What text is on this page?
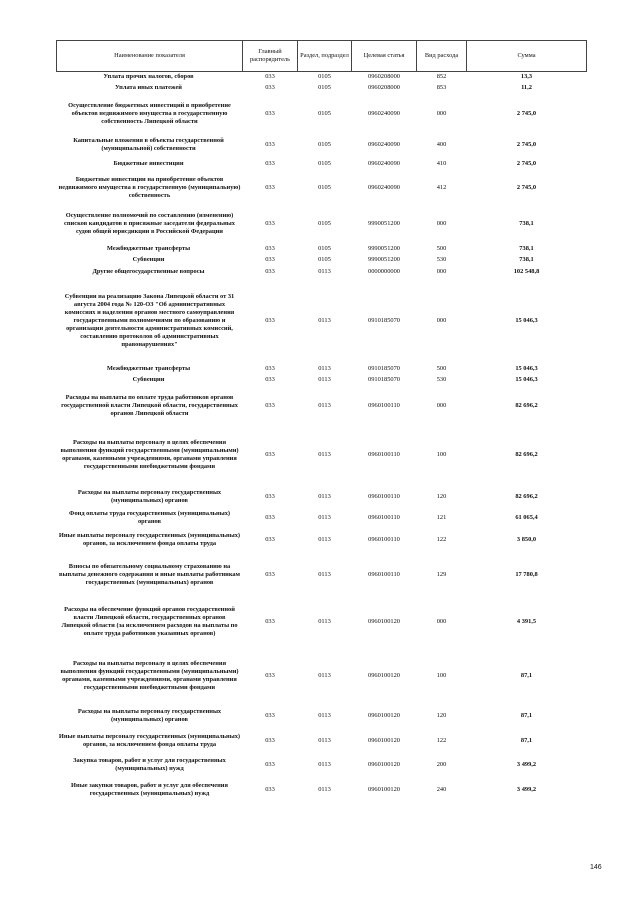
Наименование показателя	Главный распорядитель	Раздел, подраздел	Целевая статья	Вид расхода	Сумма
Уплата прочих налогов, сборов	033	0105	0960208000	852	13,3
Уплата иных платежей	033	0105	0960208000	853	11,2
Осуществление бюджетных инвестиций в приобретение объектов недвижимого имущества в государственную собственность Липецкой области	033	0105	0960240090	000	2 745,0
Капитальные вложения в объекты государственной (муниципальной) собственности	033	0105	0960240090	400	2 745,0
Бюджетные инвестиции	033	0105	0960240090	410	2 745,0
Бюджетные инвестиции на приобретение объектов недвижимого имущества в государственную (муниципальную) собственность	033	0105	0960240090	412	2 745,0
Осуществление полномочий по составлению (изменению) списков кандидатов в присяжные заседатели федеральных судов общей юрисдикции в Российской Федерации	033	0105	9990051200	000	738,1
Межбюджетные трансферты	033	0105	9990051200	500	738,1
Субвенции	033	0105	9990051200	530	738,1
Другие общегосударственные вопросы	033	0113	0000000000	000	102 548,8
Субвенции на реализацию Закона Липецкой области от 31 августа 2004 года № 120-ОЗ "Об административных комиссиях и наделении органов местного самоуправления государственными полномочиями по образованию и организации деятельности административных комиссий, составлению протоколов об административных правонарушениях"	033	0113	0910185070	000	15 046,3
Межбюджетные трансферты	033	0113	0910185070	500	15 046,3
Субвенции	033	0113	0910185070	530	15 046,3
Расходы на выплаты по оплате труда работников органов государственной власти Липецкой области, государственных органов Липецкой области	033	0113	0960100110	000	82 696,2
Расходы на выплаты персоналу в целях обеспечения выполнения функций государственными (муниципальными) органами, казенными учреждениями, органами управления государственными внебюджетными фондами	033	0113	0960100110	100	82 696,2
Расходы на выплаты персоналу государственных (муниципальных) органов	033	0113	0960100110	120	82 696,2
Фонд оплаты труда государственных (муниципальных) органов	033	0113	0960100110	121	61 065,4
Иные выплаты персоналу государственных (муниципальных) органов, за исключением фонда оплаты труда	033	0113	0960100110	122	3 850,0
Взносы по обязательному социальному страхованию на выплаты денежного содержания и иные выплаты работникам государственных (муниципальных) органов	033	0113	0960100110	129	17 780,8
Расходы на обеспечение функций органов государственной власти Липецкой области, государственных органов Липецкой области (за исключением расходов на выплаты по оплате труда работников указанных органов)	033	0113	0960100120	000	4 391,5
Расходы на выплаты персоналу в целях обеспечения выполнения функций государственными (муниципальными) органами, казенными учреждениями, органами управления государственными внебюджетными фондами	033	0113	0960100120	100	87,1
Расходы на выплаты персоналу государственных (муниципальных) органов	033	0113	0960100120	120	87,1
Иные выплаты персоналу государственных (муниципальных) органов, за исключением фонда оплаты труда	033	0113	0960100120	122	87,1
Закупка товаров, работ и услуг для государственных (муниципальных) нужд	033	0113	0960100120	200	3 499,2
Иные закупки товаров, работ и услуг для обеспечения государственных (муниципальных) нужд	033	0113	0960100120	240	3 499,2
146
